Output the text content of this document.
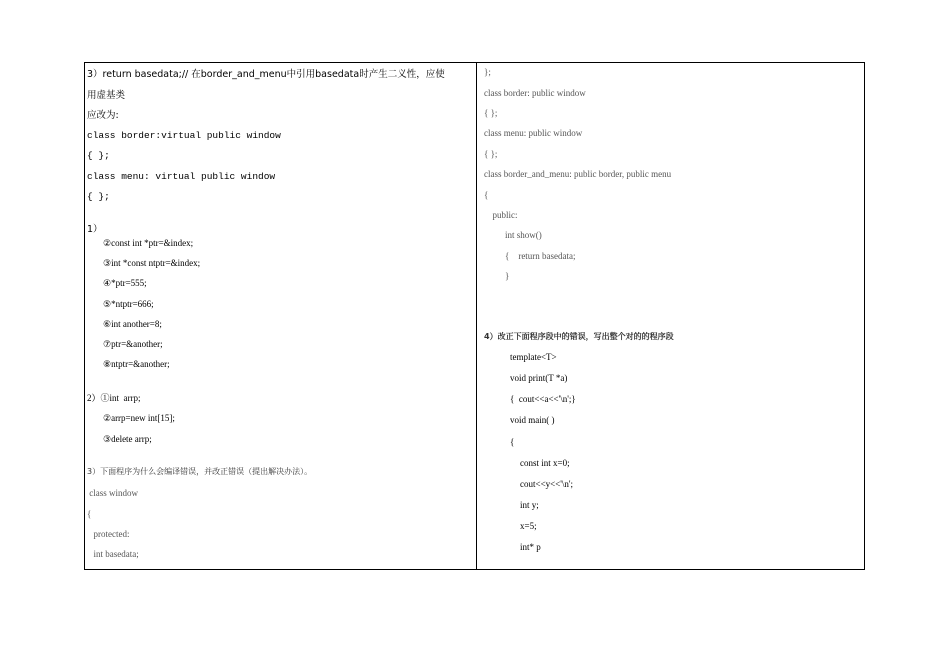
3）return basedata;// 在border_and_menu中引用basedata时产生二义性，应使
用虚基类
应改为:
class border:virtual public window
{ };
class menu: virtual public window
{ };
1）
②const int *ptr=&index;
③int *const ntptr=&index;
④*ptr=555;
⑤*ntptr=666;
⑥int another=8;
⑦ptr=&another;
⑧ntptr=&another;
2）①int  arrp;
②arrp=new int[15];
③delete arrp;
3）下面程序为什么会编译错误，并改正错误（提出解决办法）。
class window
{
protected:
int basedata;
};
class border: public window
{ };
class menu: public window
{ };
class border_and_menu: public border, public menu
{
public:
int show()
{    return basedata;
}
4）改正下面程序段中的错误，写出整个对的的程序段
template<T>
void print(T *a)
{  cout<<a<<'\n';}
void main( )
{
const int x=0;
cout<<y<<'\n';
int y;
x=5;
int* p
